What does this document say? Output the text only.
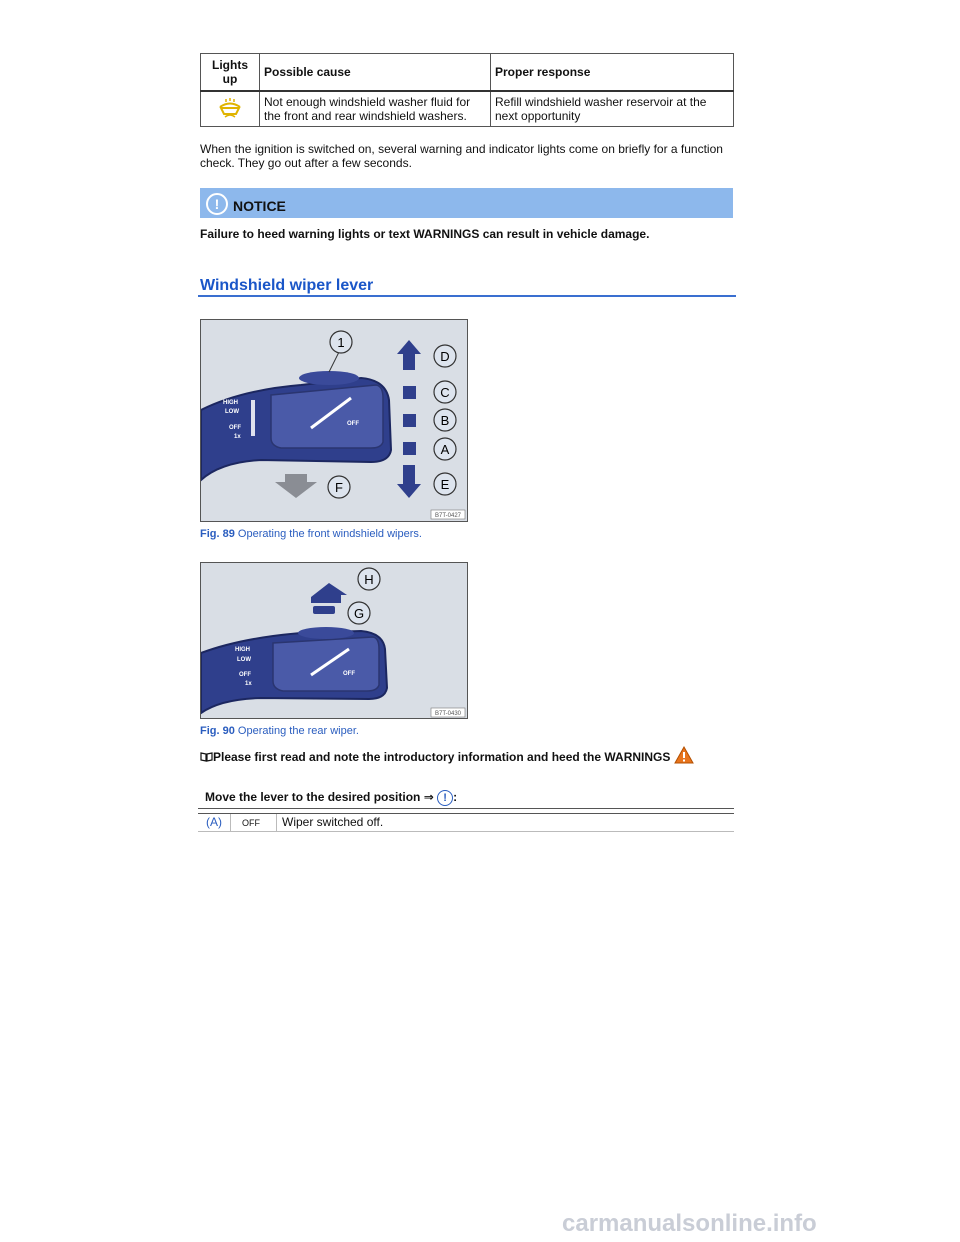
Lights up	Possible cause	Proper response
	Not enough windshield washer fluid for the front and rear windshield washers.	Refill windshield washer reservoir at the next opportunity
When the ignition is switched on, several warning and indicator lights come on briefly for a function check. They go out after a few seconds.
! NOTICE
Failure to heed warning lights or text WARNINGS can result in vehicle damage.
Windshield wiper lever
HIGH
LOW
OFF
1x
OFF
1
D
C
B
A
E
F
B7T-0427
Fig. 89 Operating the front windshield wipers.
HIGH
LOW
OFF
1x
OFF
H
G
B7T-0430
Fig. 90 Operating the rear wiper.
Please first read and note the introductory information and heed the WARNINGS
Move the lever to the desired position ⇒ ! :
(A) OFF Wiper switched off.
carmanualsonline.info
